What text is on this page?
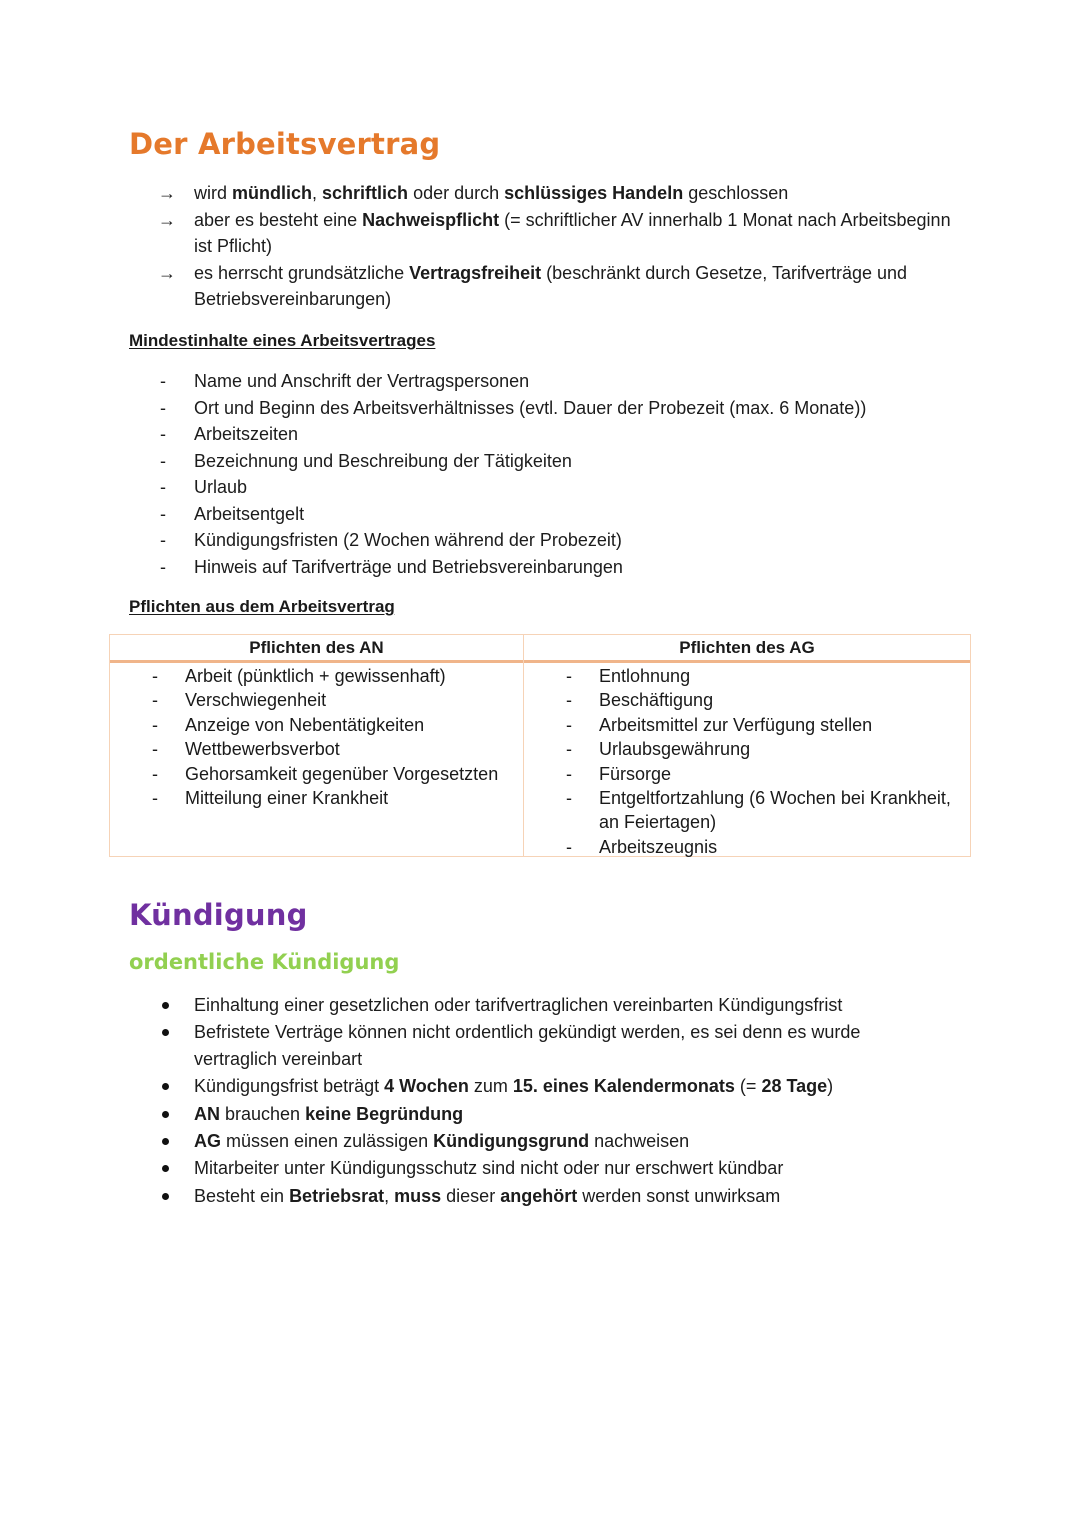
Der Arbeitsvertrag
→ wird mündlich, schriftlich oder durch schlüssiges Handeln geschlossen
→ aber es besteht eine Nachweispflicht (= schriftlicher AV innerhalb 1 Monat nach Arbeitsbeginn ist Pflicht)
→ es herrscht grundsätzliche Vertragsfreiheit (beschränkt durch Gesetze, Tarifverträge und Betriebsvereinbarungen)
Mindestinhalte eines Arbeitsvertrages
- Name und Anschrift der Vertragspersonen
- Ort und Beginn des Arbeitsverhältnisses (evtl. Dauer der Probezeit (max. 6 Monate))
- Arbeitszeiten
- Bezeichnung und Beschreibung der Tätigkeiten
- Urlaub
- Arbeitsentgelt
- Kündigungsfristen (2 Wochen während der Probezeit)
- Hinweis auf Tarifverträge und Betriebsvereinbarungen
Pflichten aus dem Arbeitsvertrag
Pflichten des AN
- Arbeit (pünktlich + gewissenhaft)
- Verschwiegenheit
- Anzeige von Nebentätigkeiten
- Wettbewerbsverbot
- Gehorsamkeit gegenüber Vorgesetzten
- Mitteilung einer Krankheit
Pflichten des AG
- Entlohnung
- Beschäftigung
- Arbeitsmittel zur Verfügung stellen
- Urlaubsgewährung
- Fürsorge
- Entgeltfortzahlung (6 Wochen bei Krankheit, an Feiertagen)
- Arbeitszeugnis
Kündigung
ordentliche Kündigung
Einhaltung einer gesetzlichen oder tarifvertraglichen vereinbarten Kündigungsfrist
Befristete Verträge können nicht ordentlich gekündigt werden, es sei denn es wurde vertraglich vereinbart
Kündigungsfrist beträgt 4 Wochen zum 15. eines Kalendermonats (= 28 Tage)
AN brauchen keine Begründung
AG müssen einen zulässigen Kündigungsgrund nachweisen
Mitarbeiter unter Kündigungsschutz sind nicht oder nur erschwert kündbar
Besteht ein Betriebsrat, muss dieser angehört werden sonst unwirksam
